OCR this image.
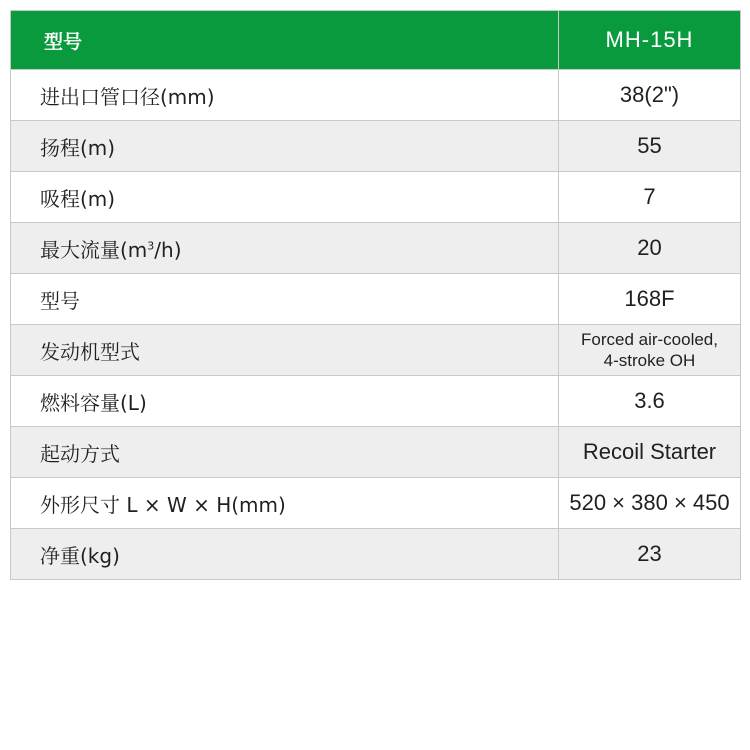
型号	MH-15H
进出口管口径(mm)	38(2")
扬程(m)	55
吸程(m)	7
最大流量$(m^3/h)$	20
型号	168F
发动机型式	Forced air-cooled,
4-stroke OH

燃料容量(L)	3.6
起动方式	Recoil Starter
外形尺寸 L × W × H(mm)	520 × 380 × 450
净重(kg)	23
